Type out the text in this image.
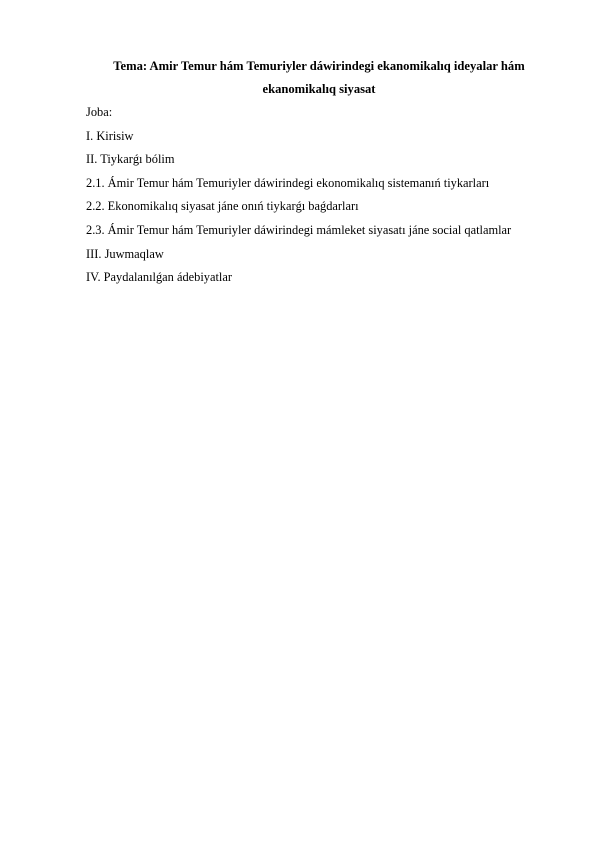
Tema: Amir Temur hám Temuriyler dáwirindegi ekanomikalıq ideyalar hám ekanomikalıq siyasat

Joba:

I. Kirisiw

II. Tiykarǵı bólim

2.1. Ámir Temur hám Temuriyler dáwirindegi ekonomikalıq sistemanıń tiykarları

2.2. Ekonomikalıq siyasat jáne onıń tiykarǵı baǵdarları

2.3. Ámir Temur hám Temuriyler dáwirindegi mámleket siyasatı jáne social qatlamlar

III. Juwmaqlaw

IV. Paydalanılǵan ádebiyatlar
